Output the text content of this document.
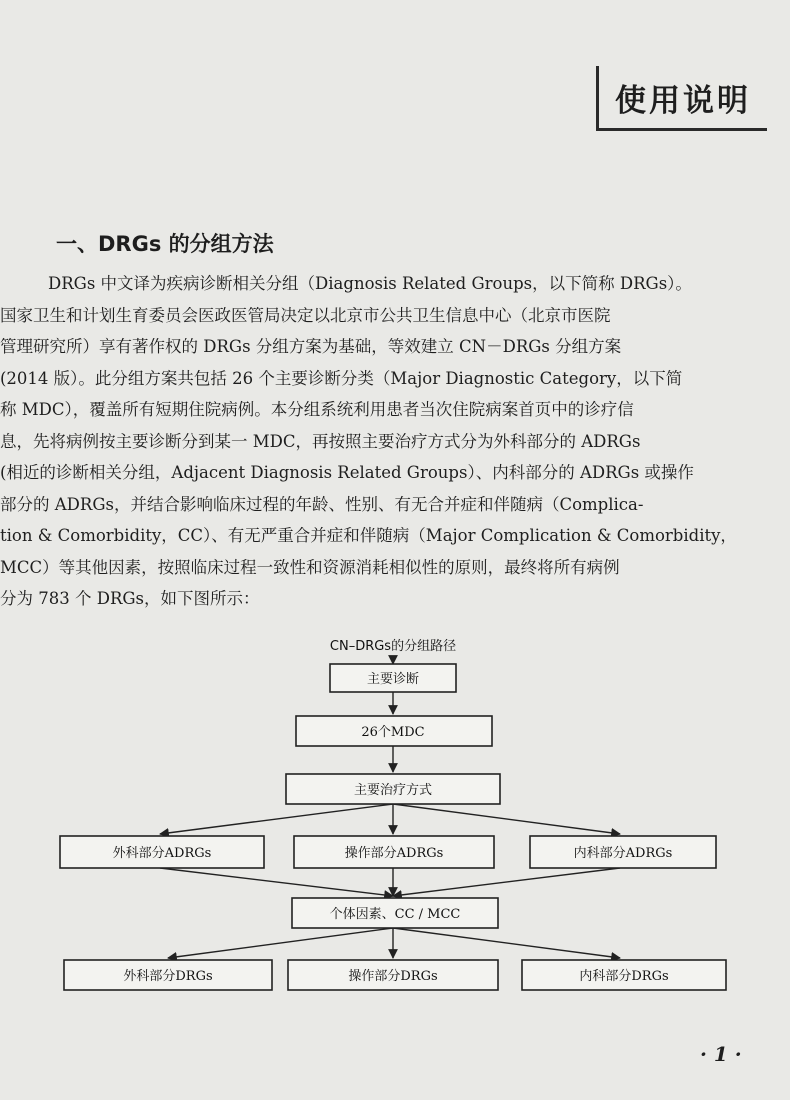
使用说明
一、DRGs 的分组方法
DRGs 中文译为疾病诊断相关分组（Diagnosis Related Groups，以下简称 DRGs）。
国家卫生和计划生育委员会医政医管局决定以北京市公共卫生信息中心（北京市医院
管理研究所）享有著作权的 DRGs 分组方案为基础，等效建立 CN－DRGs 分组方案
(2014 版）。此分组方案共包括 26 个主要诊断分类（Major Diagnostic Category，以下简
称 MDC），覆盖所有短期住院病例。本分组系统利用患者当次住院病案首页中的诊疗信
息，先将病例按主要诊断分到某一 MDC，再按照主要治疗方式分为外科部分的 ADRGs
(相近的诊断相关分组，Adjacent Diagnosis Related Groups）、内科部分的 ADRGs 或操作
部分的 ADRGs，并结合影响临床过程的年龄、性别、有无合并症和伴随病（Complica-
tion & Comorbidity，CC）、有无严重合并症和伴随病（Major Complication & Comorbidity，
MCC）等其他因素，按照临床过程一致性和资源消耗相似性的原则，最终将所有病例
分为 783 个 DRGs，如下图所示：
CN–DRGs的分组路径
主要诊断
26个MDC
主要治疗方式
外科部分ADRGs	操作部分ADRGs	内科部分ADRGs
个体因素、CC / MCC
外科部分DRGs	操作部分DRGs	内科部分DRGs
· 1 ·
